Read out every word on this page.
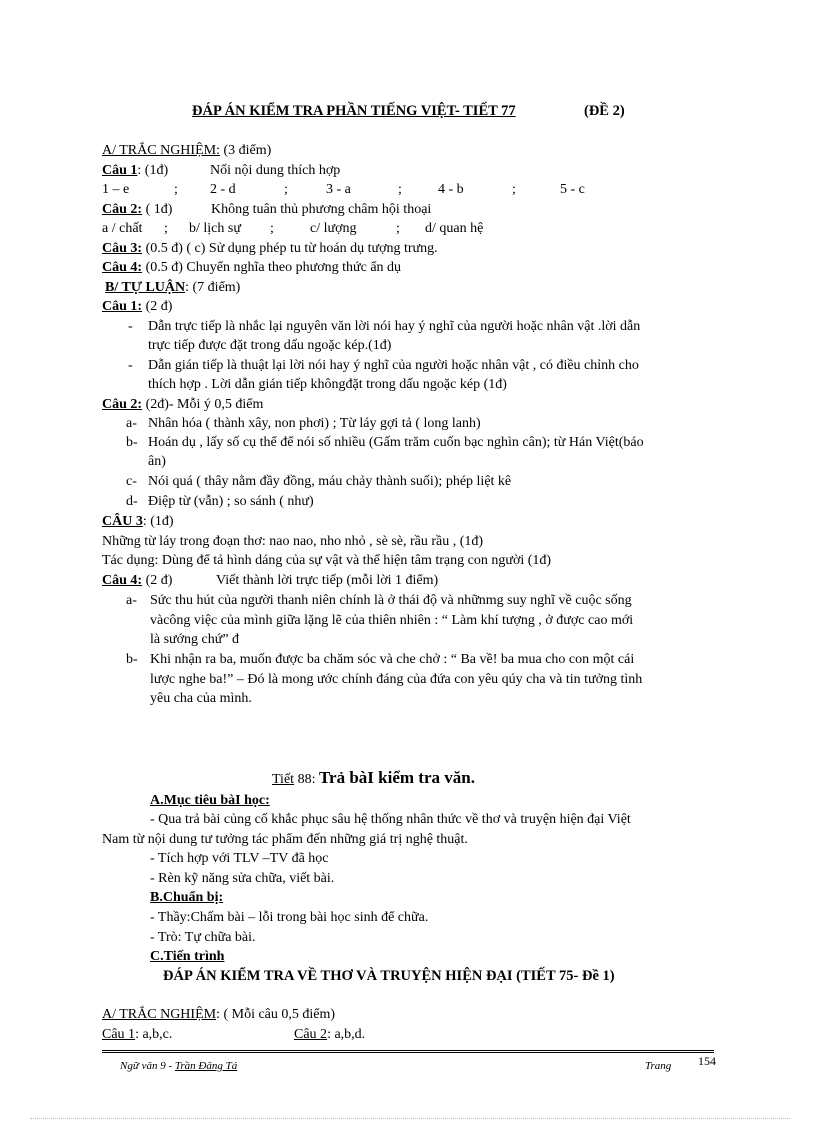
ĐÁP ÁN KIỂM TRA PHẦN TIẾNG VIỆT- TIẾT 77	(ĐỀ 2)
A/ TRẮC NGHIỆM: (3 điểm)
Câu 1: (1đ)	Nối nội dung thích hợp
1 – e	; 2 - d	;	3 - a	;	4 - b	;	5 - c
Câu 2: ( 1đ)	Không tuân thủ phương châm hội thoại
a / chất ; b/ lịch sự ;	c/ lượng	; d/ quan hệ
Câu 3: (0.5 đ) ( c) Sử dụng phép tu từ hoán dụ tượng trưng.
Câu 4: (0.5 đ) Chuyển nghĩa theo phương thức ẩn dụ
B/ TỰ LUẬN: (7 điểm)
Câu 1: (2 đ)
- Dẫn trực tiếp là nhắc lại nguyên văn lời nói hay ý nghĩ của người hoặc nhân vật .lời dẫn
trực tiếp được đặt trong dấu ngoặc kép.(1đ)
- Dẫn gián tiếp là thuật lại lời nói hay ý nghĩ của người hoặc nhân vật , có điều chỉnh cho
thích hợp . Lời dẫn gián tiếp khôngđặt trong dấu ngoặc kép (1đ)
Câu 2: (2đ)- Mỗi ý 0,5 điểm
a- Nhân hóa ( thành xây, non phơi) ; Từ láy gợi tả ( long lanh)
b- Hoán dụ , lấy số cụ thể để nói số nhiều (Gấm trăm cuốn bạc nghìn cân); từ Hán Việt(báo
ân)
c- Nói quá ( thây nằm đầy đồng, máu chảy thành suối); phép liệt kê
d- Điệp từ (vẫn) ; so sánh ( như)
CÂU 3: (1đ)
Những từ láy trong đoạn thơ: nao nao, nho nhỏ , sè sè, rầu rầu , (1đ)
Tác dụng: Dùng để tả hình dáng của sự vật và thể hiện tâm trạng con người (1đ)
Câu 4: (2 đ)	Viết thành lời trực tiếp (mỗi lời 1 điểm)
a- Sức thu hút của người thanh niên chính là ở thái độ và nhữnmg suy nghĩ về cuộc sống
vàcông việc của mình giữa lặng lẽ của thiên nhiên : “ Làm khí tượng , ở được cao mới
là sướng chứ” đ
b- Khi nhận ra ba, muốn được ba chăm sóc và che chở : “ Ba về! ba mua cho con một cái
lược nghe ba!” – Đó là mong ước chính đáng của đứa con yêu qúy cha và tin tưởng tình
yêu cha của mình.
Tiết 88: Trả bàI kiểm tra văn.
A.Mục tiêu bàI học:
- Qua trả bài củng cố khắc phục sâu hệ thống nhân thức về thơ và truyện hiện đại Việt
Nam từ nội dung tư tưởng tác phẩm đến những giá trị nghệ thuật.
- Tích hợp với TLV –TV đã học
- Rèn kỹ năng sửa chữa, viết bài.
B.Chuẩn bị:
- Thầy:Chấm bài – lỗi trong bài học sinh để chữa.
- Trò: Tự chữa bài.
C.Tiến trình
ĐÁP ÁN KIỂM TRA VỀ THƠ VÀ TRUYỆN HIỆN ĐẠI (TIẾT 75- Đề 1)
A/ TRẮC NGHIỆM: ( Mỗi câu 0,5 điểm)
Câu 1: a,b,c.	Câu 2: a,b,d.
Ngữ văn 9 - Trần Đăng Tá	Trang 154
